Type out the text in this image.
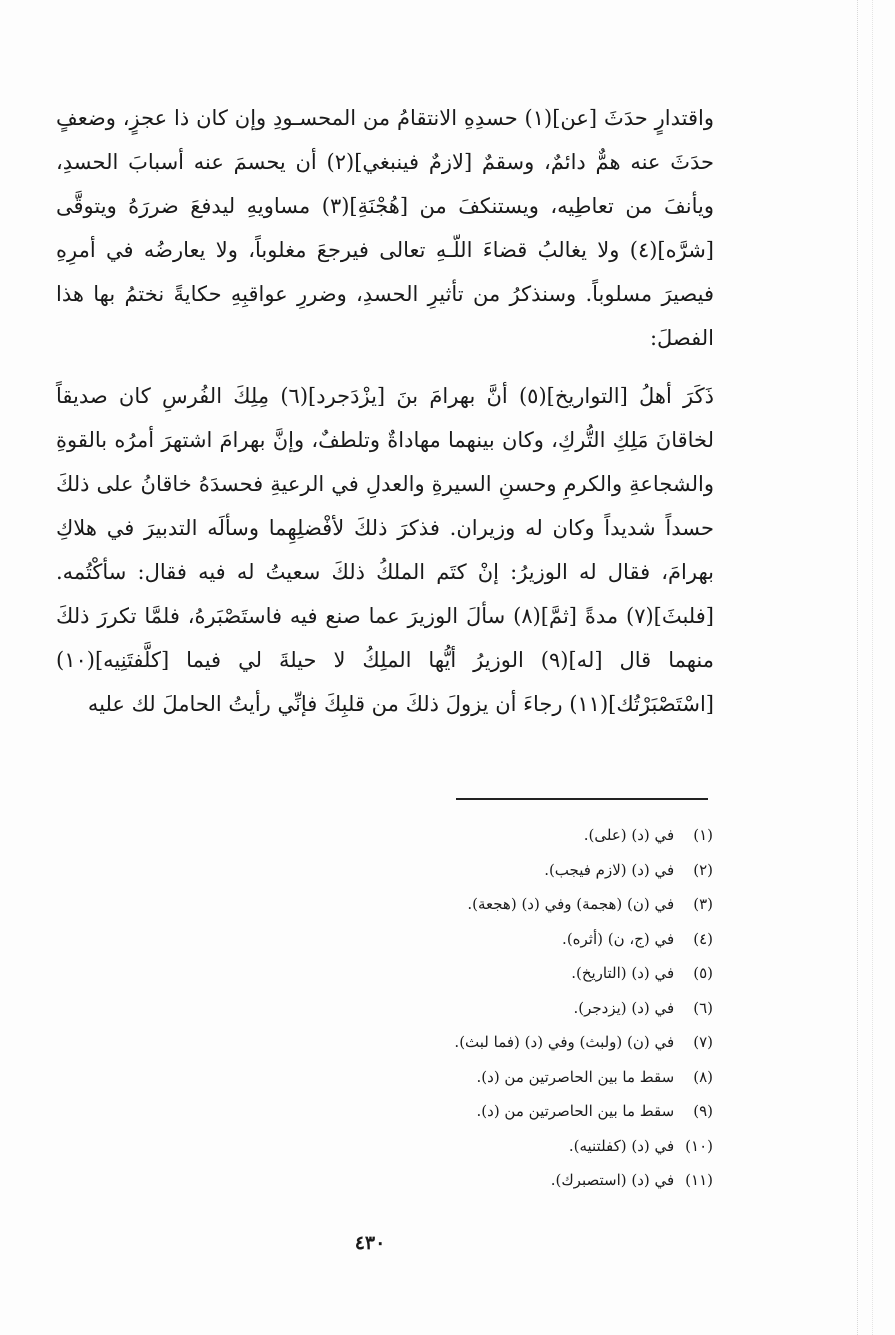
واقتدارٍ حدَثَ [عن](١) حسدِهِ الانتقامُ من المحسـودِ وإن كان ذا عجزٍ، وضعفٍ حدَثَ عنه همٌّ دائمٌ، وسقمٌ [لازمٌ فينبغي](٢) أن يحسمَ عنه أسبابَ الحسدِ، ويأنفَ من تعاطِيه، ويستنكفَ من [هُجْنَةِ](٣) مساويهِ ليدفعَ ضررَهُ ويتوقَّى [شرَّه](٤) ولا يغالبُ قضاءَ اللّـهِ تعالى فيرجعَ مغلوباً، ولا يعارضُه في أمرِهِ فيصيرَ مسلوباً. وسنذكرُ من تأثيرِ الحسدِ، وضررِ عواقبِهِ حكايةً نختمُ بها هذا الفصلَ:

ذَكَرَ أهلُ [التواريخ](٥) أنَّ بهرامَ بنَ [يزْدَجرد](٦) مِلِكَ الفُرسِ كان صديقاً لخاقانَ مَلِكِ التُّركِ، وكان بينهما مهاداةٌ وتلطفٌ، وإنَّ بهرامَ اشتهرَ أمرُه بالقوةِ والشجاعةِ والكرمِ وحسنِ السيرةِ والعدلِ في الرعيةِ فحسدَهُ خاقانُ على ذلكَ حسداً شديداً وكان له وزيران. فذكرَ ذلكَ لأفْضلِهِما وسألَه التدبيرَ في هلاكِ بهرامَ، فقال له الوزيرُ: إنْ كتَم الملكُ ذلكَ سعيتُ له فيه فقال: سأكْتُمه. [فلبثَ](٧) مدةً [ثمَّ](٨) سألَ الوزيرَ عما صنع فيه فاستَصْبَرهُ، فلمَّا تكررَ ذلكَ منهما قال [له](٩) الوزيرُ أيُّها الملِكُ لا حيلةَ لي فيما [كلَّفتَنِيه](١٠) [اسْتَصْبَرْتُك](١١) رجاءَ أن يزولَ ذلكَ من قلبِكَ فإنِّي رأيتُ الحاملَ لك عليه

(١) في (د) (على).
(٢) في (د) (لازم فيجب).
(٣) في (ن) (هجمة) وفي (د) (هجعة).
(٤) في (ج، ن) (أثره).
(٥) في (د) (التاريخ).
(٦) في (د) (يزدجر).
(٧) في (ن) (ولبث) وفي (د) (فما لبث).
(٨) سقط ما بين الحاصرتين من (د).
(٩) سقط ما بين الحاصرتين من (د).
(١٠) في (د) (كفلتنيه).
(١١) في (د) (استصبرك).
٤٣٠
